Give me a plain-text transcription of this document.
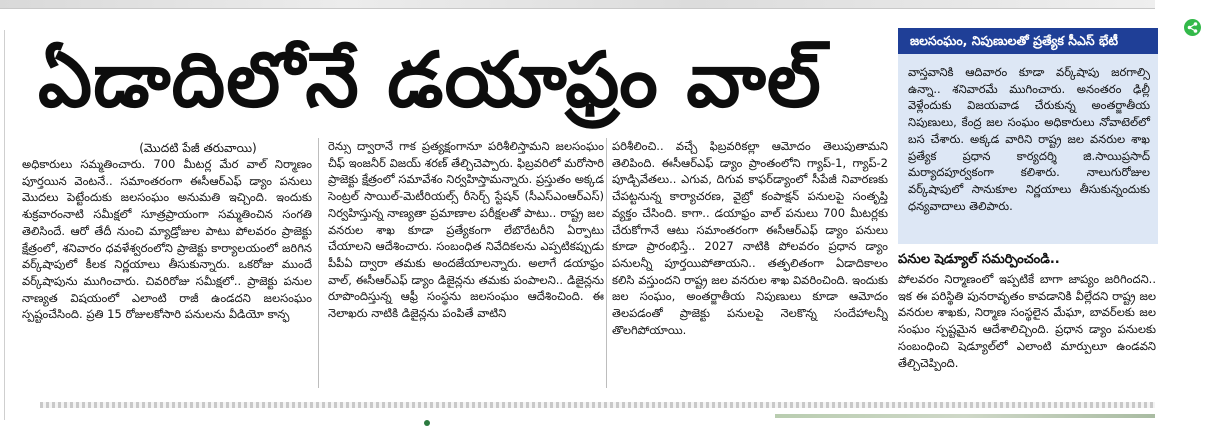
ఏడాదిలోనే డయాఫ్రం వాల్
(మొదటి పేజీ తరువాయి)
అధికారులు సమ్మతించారు. 700 మీటర్ల మేర వాల్ నిర్మాణం పూర్తయిన వెంటనే.. సమాంతరంగా ఈసీఆర్ఎఫ్ డ్యాం పనులు మొదలు పెట్టేందుకు జలసంఘం అనుమతి ఇచ్చింది. ఇందుకు శుక్రవారంనాటి సమీక్షలో సూత్రప్రాయంగా సమ్మతించిన సంగతి తెలిసిందే. ఆరో తేదీ నుంచి మ్యాడ్రోజుల పాటు పోలవరం ప్రాజెక్టు క్షేత్రంలో, శనివారం ధవళేశ్వరంలోని ప్రాజెక్టు కార్యాలయంలో జరిగిన వర్క్‌షాపులో కీలక నిర్ణయాలు తీసుకున్నారు. ఒకరోజు ముందే వర్క్‌షాపును ముగించారు. చివరిరోజు సమీక్షలో.. ప్రాజెక్టు పనుల నాణ్యత విషయంలో ఎలాంటి రాజీ ఉండదని జలసంఘం స్పష్టంచేసింది. ప్రతి 15 రోజులకోసారి పనులను వీడియో కాన్ఫ
రెన్సు ద్వారానే గాక ప్రత్యక్షంగానూ పరిశీలిస్తామని జలసంఘం చీఫ్ ఇంజనీర్ విజయ్ శరణ్ తేల్చిచెప్పారు. ఫిబ్రవరిలో మరోసారి ప్రాజెక్టు క్షేత్రంలో సమావేశం నిర్వహిస్తామన్నారు. ప్రస్తుతం అక్కడ సెంట్రల్ సాయిల్-మెటీరియల్స్ రీసెర్చ్ స్టేషన్ (సీఎస్ఎంఆర్ఎస్) నిర్వహిస్తున్న నాణ్యతా ప్రమాణాల పరీక్షలతో పాటు.. రాష్ట్ర జల వనరుల శాఖ కూడా ప్రత్యేకంగా లేబొరేటరీని ఏర్పాటు చేయాలని ఆదేశించారు. సంబంధిత నివేదికలను ఎప్పటికప్పుడు పీపీఏ ద్వారా తమకు అందజేయాలన్నారు. అలాగే డయాఫ్రం వాల్, ఈసీఆర్ఎఫ్ డ్యాం డిజైన్లను తమకు పంపాలని.. డిజైన్లను రూపొందిస్తున్న ఆఫ్రీ సంస్థను జలసంఘం ఆదేశించింది. ఈ నెలాఖరు నాటికి డిజైన్లను పంపితే వాటిని
పరిశీలించి.. వచ్చే ఫిబ్రవరికల్లా ఆమోదం తెలుపుతామని తెలిపింది. ఈసీఆర్ఎఫ్ డ్యాం ప్రాంతంలోని గ్యాప్-1, గ్యాప్-2 పూడ్చివేతలు.. ఎగువ, దిగువ కాఫర్‌డ్యాంలో సీపేజీ నివారణకు చేపట్టనున్న కార్యాచరణ, వైబ్రో కంపాక్షన్ పనులపై సంతృప్తి వ్యక్తం చేసింది. కాగా.. డయాఫ్రం వాల్ పనులు 700 మీటర్లకు చేరుకోగానే ఆటు సమాంతరంగా ఈసీఆర్ఎఫ్ డ్యాం పనులు కూడా ప్రారంభిస్తే.. 2027 నాటికి పోలవరం ప్రధాన డ్యాం పనులన్నీ పూర్తయిపోతాయని.. తత్ఫలితంగా ఏడాదికాలం కలిసి వస్తుందని రాష్ట్ర జల వనరుల శాఖ వివరించింది. ఇందుకు జల సంఘం, అంతర్జాతీయ నిపుణులు కూడా ఆమోదం తెలపడంతో ప్రాజెక్టు పనులపై నెలకొన్న సందేహాలన్నీ తొలగిపోయాయి.
జలసంఘం, నిపుణులతో ప్రత్యేక సీఎస్ భేటీ
వాస్తవానికి ఆదివారం కూడా వర్క్‌షాపు జరగాల్సి ఉన్నా.. శనివారమే ముగించారు. అనంతరం ఢిల్లీ వెళ్లేందుకు విజయవాడ చేరుకున్న అంతర్జాతీయ నిపుణులు, కేంద్ర జల సంఘం అధికారులు నోవాటెల్‌లో బస చేశారు. అక్కడ వారిని రాష్ట్ర జల వనరుల శాఖ ప్రత్యేక ప్రధాన కార్యదర్శి జి.సాయిప్రసాద్ మర్యాదపూర్వకంగా కలిశారు. నాలుగురోజుల వర్క్‌షాపులో సానుకూల నిర్ణయాలు తీసుకున్నందుకు ధన్యవాదాలు తెలిపారు.
పనుల షెడ్యూల్ సమర్పించండి..
పోలవరం నిర్మాణంలో ఇప్పటికే బాగా జాప్యం జరిగిందని.. ఇక ఈ పరిస్థితి పునరావృతం కావడానికి వీల్లేదని రాష్ట్ర జల వనరుల శాఖకు, నిర్మాణ సంస్థలైన మేఘా, బావర్‌లకు జల సంఘం స్పష్టమైన ఆదేశాలిచ్చింది. ప్రధాన డ్యాం పనులకు సంబంధించి షెడ్యూల్‌లో ఎలాంటి మార్పులూ ఉండవని తేల్చిచెప్పింది.
